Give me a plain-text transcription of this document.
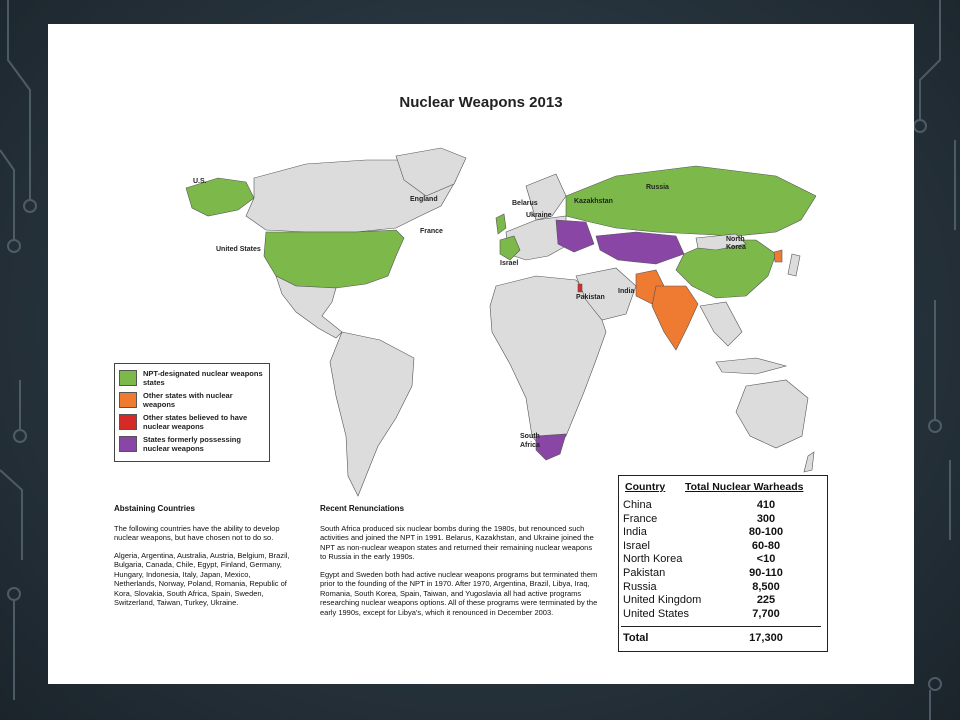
Nuclear Weapons 2013
U.S.
United States
England
France
Belarus
Ukraine
Kazakhstan
Russia
North Korea
Israel
Pakistan
India
South Africa
NPT-designated nuclear weapons states
Other states with nuclear weapons
Other states believed to have nuclear weapons
States formerly possessing nuclear weapons
Abstaining Countries
The following countries have the ability to develop nuclear weapons, but have chosen not to do so.
Algeria, Argentina, Australia, Austria, Belgium, Brazil, Bulgaria, Canada, Chile, Egypt, Finland, Germany, Hungary, Indonesia, Italy, Japan, Mexico, Netherlands, Norway, Poland, Romania, Republic of Kora, Slovakia, South Africa, Spain, Sweden, Switzerland, Taiwan, Turkey, Ukraine.
Recent Renunciations
South Africa produced six nuclear bombs during the 1980s, but renounced such activities and joined the NPT in 1991. Belarus, Kazakhstan, and Ukraine joined the NPT as non-nuclear weapon states and returned their remaining nuclear weapons to Russia in the early 1990s.
Egypt and Sweden both had active nuclear weapons programs but terminated them prior to the founding of the NPT in 1970. After 1970, Argentina, Brazil, Libya, Iraq, Romania, South Korea, Spain, Taiwan, and Yugoslavia all had active programs researching nuclear weapons options. All of these programs were terminated by the early 1990s, except for Libya's, which it renounced in December 2003.
Country Total Nuclear Warheads
China	410
France	300
India	80-100
Israel	60-80
North Korea	<10
Pakistan	90-110
Russia	8,500
United Kingdom	225
United States	7,700
Total	17,300
